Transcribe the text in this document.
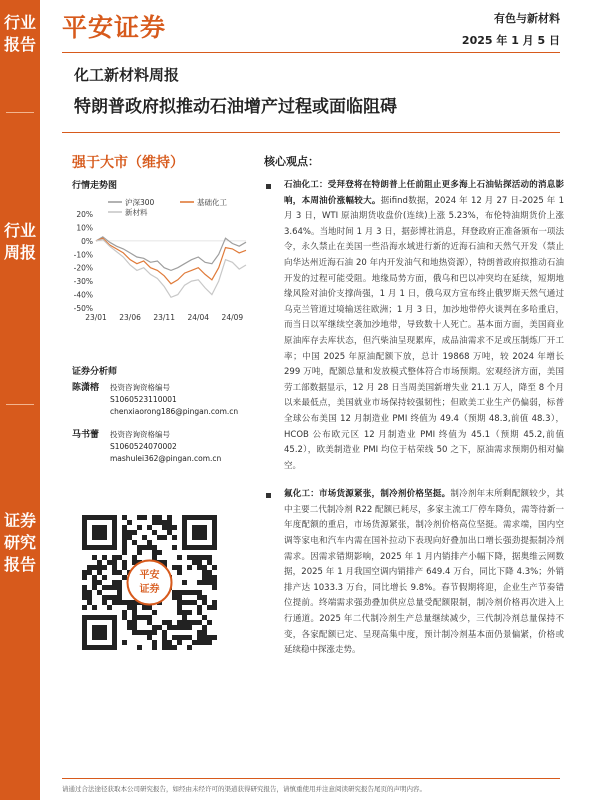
行业报告
行业周报
证券研究报告
平安证券	有色与新材料
2025 年 1 月 5 日
化工新材料周报
特朗普政府拟推动石油增产过程或面临阻碍
强于大市（维持）
行情走势图
20%
10%
0%
-10%
-20%
-30%
-40%
-50%
23/01 23/06 23/11 24/04 24/09
沪深300	基础化工
新材料
证券分析师
陈潇榕 投资咨询资格编号
S1060523110001
chenxiaorong186@pingan.com.cn
马书蕾 投资咨询资格编号
S1060524070002
mashulei362@pingan.com.cn
平安
证券
核心观点：
石油化工：受拜登将在特朗普上任前阻止更多海上石油钻探活动的消息影响，本周油价涨幅较大。据ifind数据，2024 年 12 月 27 日-2025 年 1 月 3 日，WTI 原油期货收盘价(连续)上涨 5.23%，布伦特油期货价上涨 3.64%。当地时间 1 月 3 日，据彭博社消息，拜登政府正准备颁布一项法令，永久禁止在美国一些沿海水域进行新的近海石油和天然气开发（禁止向华达州近海石油 20 年内开发油气和地热资源），特朗普政府拟推动石油开发的过程可能受阻。地缘局势方面，俄乌和巴以冲突均在延续，短期地缘风险对油价支撑尚强，1 月 1 日，俄乌双方宣布终止俄罗斯天然气通过乌克兰管道过境输送往欧洲；1 月 3 日，加沙地带停火谈判在多哈重启，而当日以军继续空袭加沙地带，导致数十人死亡。基本面方面，美国商业原油库存去库状态，但汽柴油呈现累库，成品油需求不足或压制炼厂开工率；中国 2025 年原油配额下放，总计 19868 万吨，较 2024 年增长 299 万吨，配额总量和发放模式整体符合市场预期。宏观经济方面，美国劳工部数据显示，12 月 28 日当周美国新增失业 21.1 万人，降至 8 个月以来最低点，美国就业市场保持较强韧性；但欧美工业生产仍偏弱，标普全球公布美国 12 月制造业 PMI 终值为 49.4（预期 48.3,前值 48.3），HCOB 公布欧元区 12 月制造业 PMI 终值为 45.1（预期 45.2,前值 45.2），欧美制造业 PMI 均位于枯荣线 50 之下，原油需求预期仍相对偏空。
氟化工：市场货源紧张，制冷剂价格坚挺。制冷剂年末所剩配额较少，其中主要二代制冷剂 R22 配额已耗尽，多家主流工厂停车降负，需等待新一年度配额的重启，市场货源紧张，制冷剂价格高位坚挺。需求端，国内空调等家电和汽车内需在国补拉动下表现向好叠加出口增长强劲提振制冷剂需求。因需求错期影响，2025 年 1 月内销排产小幅下降，据奥维云网数据，2025 年 1 月我国空调内销排产 649.4 万台，同比下降 4.3%；外销排产达 1033.3 万台，同比增长 9.8%。春节假期将迎，企业生产节奏错位提前。终端需求强劲叠加供应总量受配额限制，制冷剂价格再次进入上行通道。2025 年二代制冷剂生产总量继续减少，三代制冷剂总量保持不变，各家配额已定、呈现高集中度，预计制冷剂基本面仍景偏紧，价格或延续稳中探涨走势。
请通过合法途径获取本公司研究报告，如经由未经许可的渠道获得研究报告，请慎重使用并注意阅读研究报告尾页的声明内容。
